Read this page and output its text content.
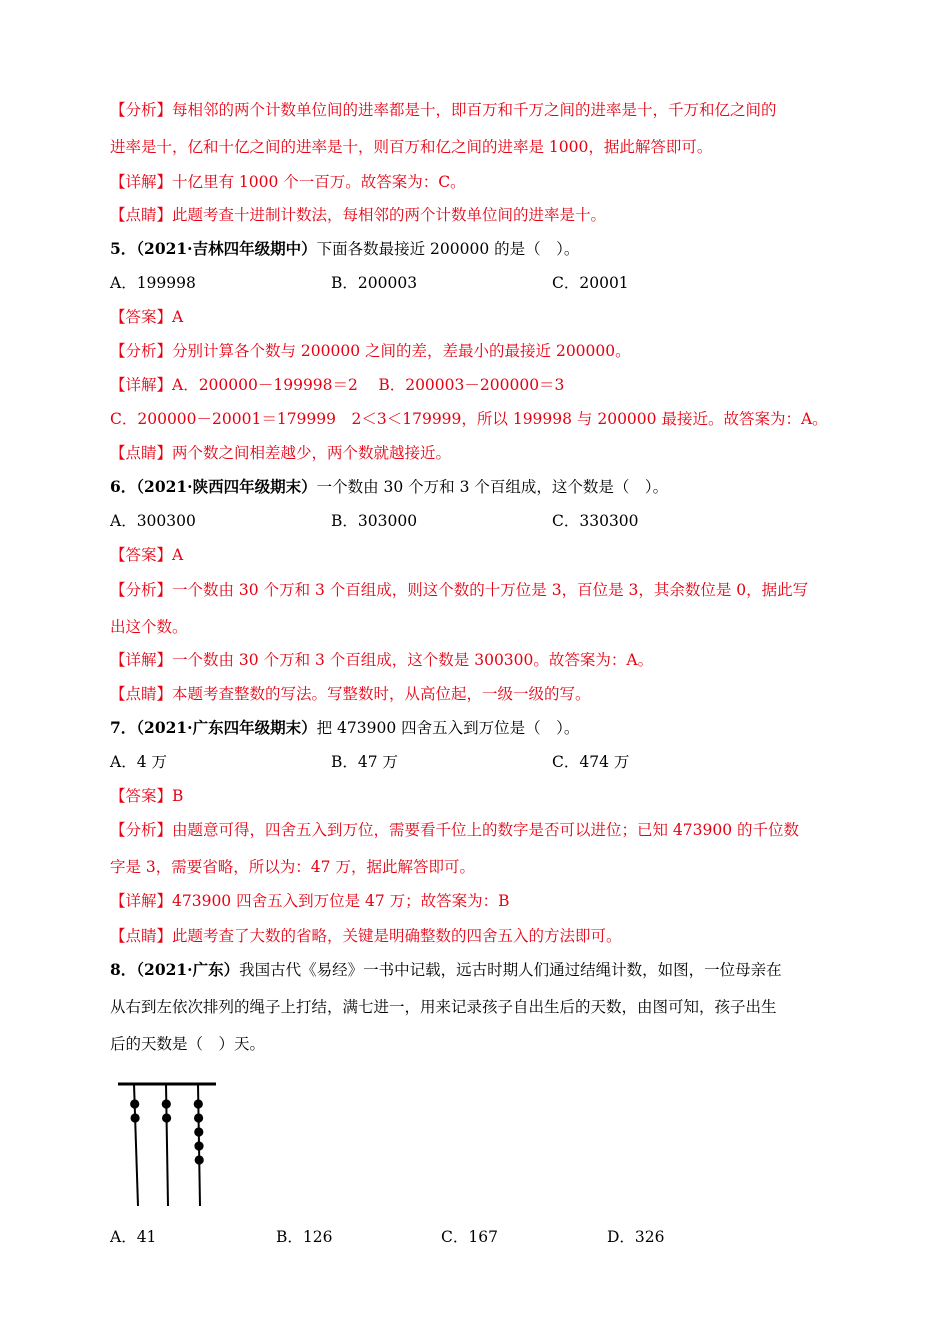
【分析】每相邻的两个计数单位间的进率都是十，即百万和千万之间的进率是十，千万和亿之间的
进率是十，亿和十亿之间的进率是十，则百万和亿之间的进率是 1000，据此解答即可。
【详解】十亿里有 1000 个一百万。故答案为：C。
【点睛】此题考查十进制计数法，每相邻的两个计数单位间的进率是十。
5．（2021·吉林四年级期中）下面各数最接近 200000 的是（　）。
A．199998	B．200003	C．20001
【答案】A
【分析】分别计算各个数与 200000 之间的差，差最小的最接近 200000。
【详解】A．200000－199998＝2　 B．200003－200000＝3
C．200000－20001＝179999　2＜3＜179999，所以 199998 与 200000 最接近。故答案为：A。
【点睛】两个数之间相差越少，两个数就越接近。
6．（2021·陕西四年级期末）一个数由 30 个万和 3 个百组成，这个数是（　）。
A．300300	B．303000	C．330300
【答案】A
【分析】一个数由 30 个万和 3 个百组成，则这个数的十万位是 3，百位是 3，其余数位是 0，据此写
出这个数。
【详解】一个数由 30 个万和 3 个百组成，这个数是 300300。故答案为：A。
【点睛】本题考查整数的写法。写整数时，从高位起，一级一级的写。
7．（2021·广东四年级期末）把 473900 四舍五入到万位是（　）。
A．4 万	B．47 万	C．474 万
【答案】B
【分析】由题意可得，四舍五入到万位，需要看千位上的数字是否可以进位；已知 473900 的千位数
字是 3，需要省略，所以为：47 万，据此解答即可。
【详解】473900 四舍五入到万位是 47 万；故答案为：B
【点睛】此题考查了大数的省略，关键是明确整数的四舍五入的方法即可。
8．（2021·广东）我国古代《易经》一书中记载，远古时期人们通过结绳计数，如图，一位母亲在
从右到左依次排列的绳子上打结，满七进一，用来记录孩子自出生后的天数，由图可知，孩子出生
后的天数是（　）天。
A．41	B．126	C．167	D．326
